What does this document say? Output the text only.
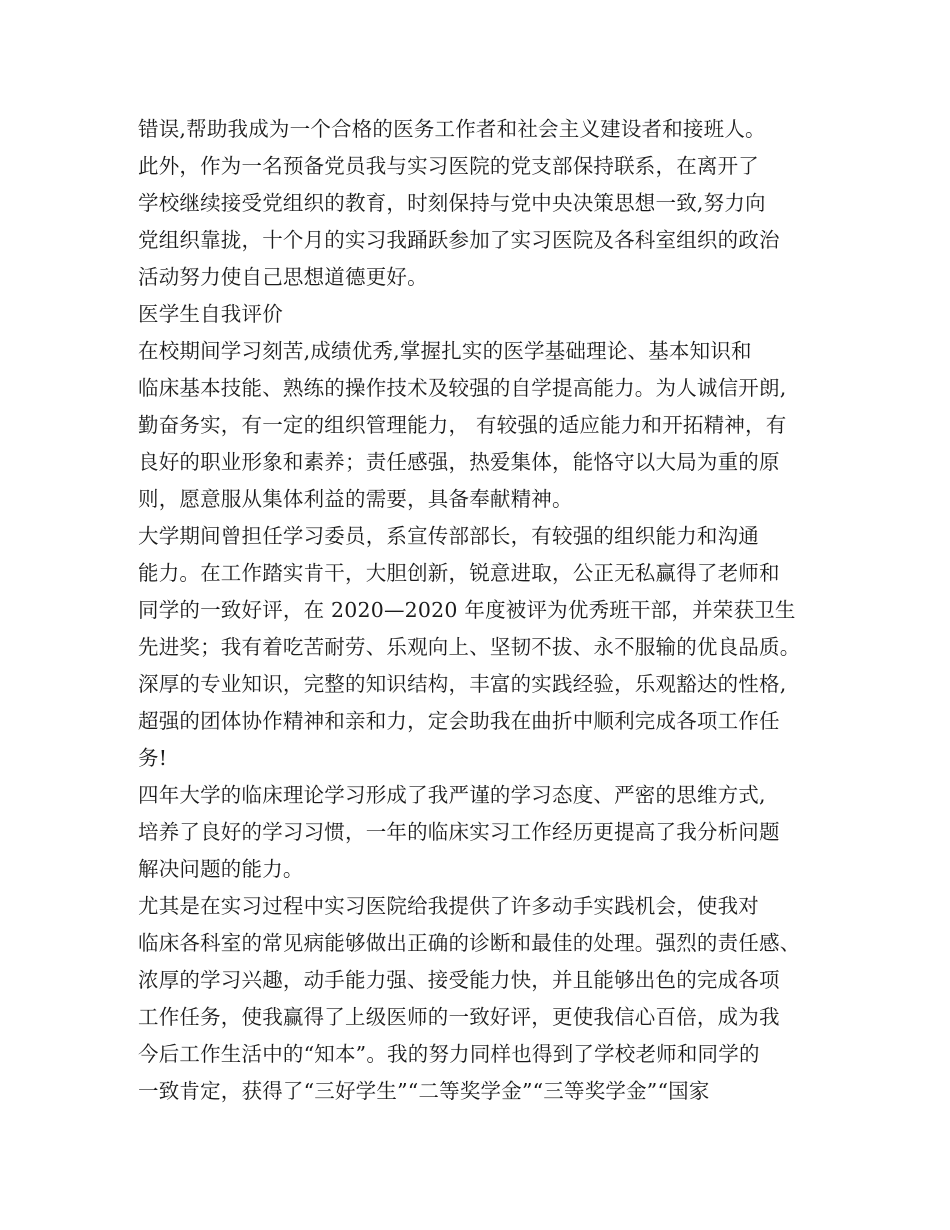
错误,帮助我成为一个合格的医务工作者和社会主义建设者和接班人。
此外，作为一名预备党员我与实习医院的党支部保持联系，在离开了
学校继续接受党组织的教育，时刻保持与党中央决策思想一致,努力向
党组织靠拢，十个月的实习我踊跃参加了实习医院及各科室组织的政治
活动努力使自己思想道德更好。
医学生自我评价
在校期间学习刻苦,成绩优秀,掌握扎实的医学基础理论、基本知识和
临床基本技能、熟练的操作技术及较强的自学提高能力。为人诚信开朗,
勤奋务实，有一定的组织管理能力， 有较强的适应能力和开拓精神，有
良好的职业形象和素养；责任感强，热爱集体，能恪守以大局为重的原
则，愿意服从集体利益的需要，具备奉献精神。
大学期间曾担任学习委员，系宣传部部长，有较强的组织能力和沟通
能力。在工作踏实肯干，大胆创新，锐意进取，公正无私赢得了老师和
同学的一致好评，在 2020—2020 年度被评为优秀班干部，并荣获卫生
先进奖；我有着吃苦耐劳、乐观向上、坚韧不拔、永不服输的优良品质。
深厚的专业知识，完整的知识结构，丰富的实践经验，乐观豁达的性格,
超强的团体协作精神和亲和力，定会助我在曲折中顺利完成各项工作任
务!
四年大学的临床理论学习形成了我严谨的学习态度、严密的思维方式,
培养了良好的学习习惯，一年的临床实习工作经历更提高了我分析问题
解决问题的能力。
尤其是在实习过程中实习医院给我提供了许多动手实践机会，使我对
临床各科室的常见病能够做出正确的诊断和最佳的处理。强烈的责任感、
浓厚的学习兴趣，动手能力强、接受能力快，并且能够出色的完成各项
工作任务，使我赢得了上级医师的一致好评，更使我信心百倍，成为我
今后工作生活中的“知本”。我的努力同样也得到了学校老师和同学的
一致肯定，获得了“三好学生”“二等奖学金”“三等奖学金”“国家
